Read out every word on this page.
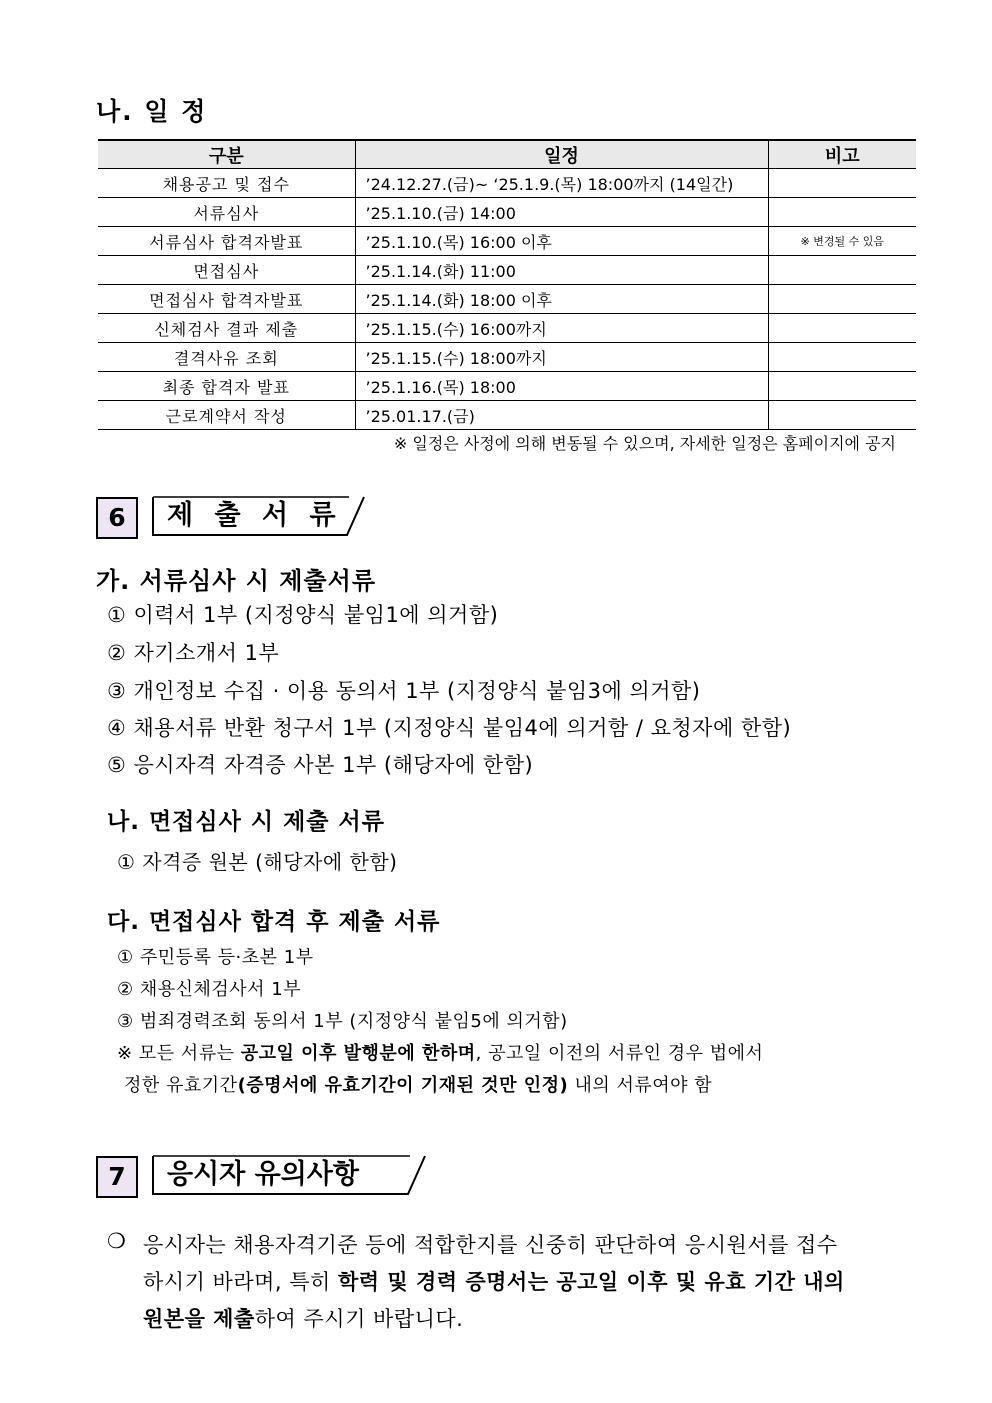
나. 일 정
구분	일정	비고
채용공고 및 접수	’24.12.27.(금)~ ‘25.1.9.(목) 18:00까지 (14일간)	
서류심사	’25.1.10.(금) 14:00	
서류심사 합격자발표	’25.1.10.(목) 16:00 이후	※ 변경될 수 있음
면접심사	’25.1.14.(화) 11:00	
면접심사 합격자발표	’25.1.14.(화) 18:00 이후	
신체검사 결과 제출	’25.1.15.(수) 16:00까지	
결격사유 조회	’25.1.15.(수) 18:00까지	
최종 합격자 발표	’25.1.16.(목) 18:00	
근로계약서 작성	’25.01.17.(금)	
※ 일정은 사정에 의해 변동될 수 있으며, 자세한 일정은 홈페이지에 공지
6	제 출 서 류
가. 서류심사 시 제출서류
① 이력서 1부 (지정양식 붙임1에 의거함)
② 자기소개서 1부
③ 개인정보 수집 · 이용 동의서 1부 (지정양식 붙임3에 의거함)
④ 채용서류 반환 청구서 1부 (지정양식 붙임4에 의거함 / 요청자에 한함)
⑤ 응시자격 자격증 사본 1부 (해당자에 한함)
나. 면접심사 시 제출 서류
① 자격증 원본 (해당자에 한함)
다. 면접심사 합격 후 제출 서류
① 주민등록 등·초본 1부
② 채용신체검사서 1부
③ 범죄경력조회 동의서 1부 (지정양식 붙임5에 의거함)
※ 모든 서류는 공고일 이후 발행분에 한하며, 공고일 이전의 서류인 경우 법에서
정한 유효기간(증명서에 유효기간이 기재된 것만 인정) 내의 서류여야 함
7	응시자 유의사항
❍ 응시자는 채용자격기준 등에 적합한지를 신중히 판단하여 응시원서를 접수
하시기 바라며, 특히 학력 및 경력 증명서는 공고일 이후 및 유효 기간 내의
원본을 제출하여 주시기 바랍니다.
